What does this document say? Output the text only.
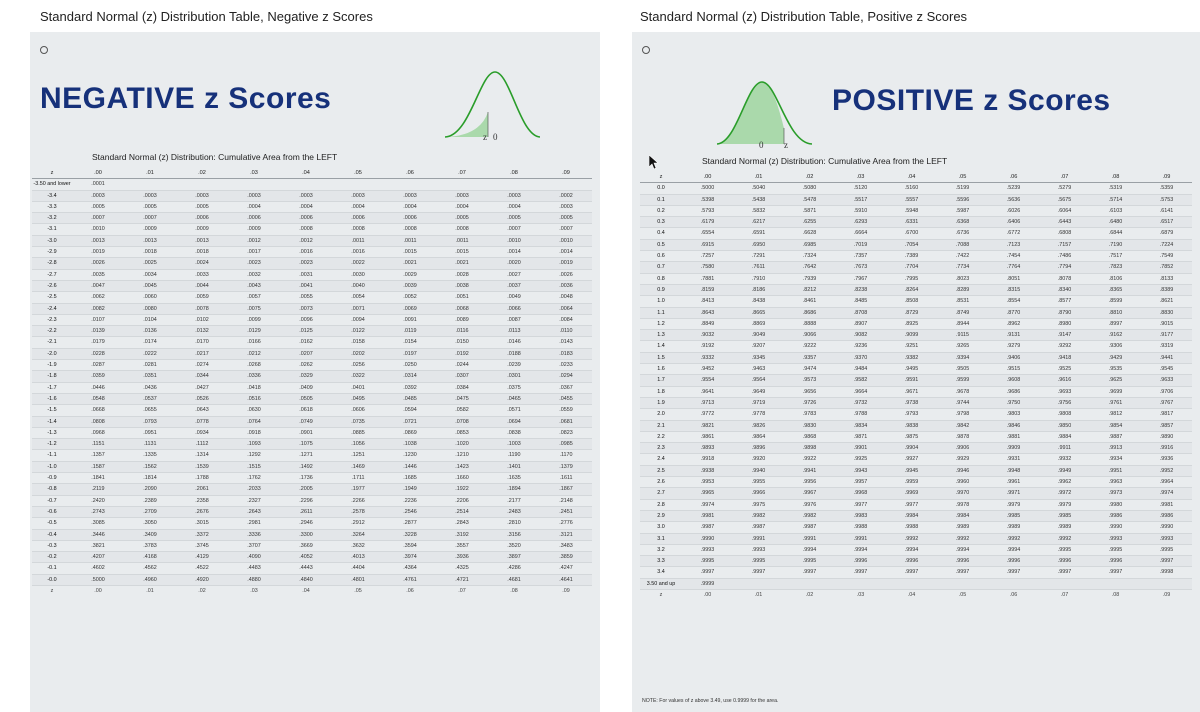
Standard Normal (z) Distribution Table, Negative z Scores
NEGATIVE z Scores
z 0
Standard Normal (z) Distribution: Cumulative Area from the LEFT
z	.00	.01	.02	.03	.04	.05	.06	.07	.08	.09
-3.50 and lower	.0001									
-3.4	.0003	.0003	.0003	.0003	.0003	.0003	.0003	.0003	.0003	.0002
-3.3	.0005	.0005	.0005	.0004	.0004	.0004	.0004	.0004	.0004	.0003
-3.2	.0007	.0007	.0006	.0006	.0006	.0006	.0006	.0005	.0005	.0005
-3.1	.0010	.0009	.0009	.0009	.0008	.0008	.0008	.0008	.0007	.0007
-3.0	.0013	.0013	.0013	.0012	.0012	.0011	.0011	.0011	.0010	.0010
-2.9	.0019	.0018	.0018	.0017	.0016	.0016	.0015	.0015	.0014	.0014
-2.8	.0026	.0025	.0024	.0023	.0023	.0022	.0021	.0021	.0020	.0019
-2.7	.0035	.0034	.0033	.0032	.0031	.0030	.0029	.0028	.0027	.0026
-2.6	.0047	.0045	.0044	.0043	.0041	.0040	.0039	.0038	.0037	.0036
-2.5	.0062	.0060	.0059	.0057	.0055	.0054	.0052	.0051	.0049	.0048
-2.4	.0082	.0080	.0078	.0075	.0073	.0071	.0069	.0068	.0066	.0064
-2.3	.0107	.0104	.0102	.0099	.0096	.0094	.0091	.0089	.0087	.0084
-2.2	.0139	.0136	.0132	.0129	.0125	.0122	.0119	.0116	.0113	.0110
-2.1	.0179	.0174	.0170	.0166	.0162	.0158	.0154	.0150	.0146	.0143
-2.0	.0228	.0222	.0217	.0212	.0207	.0202	.0197	.0192	.0188	.0183
-1.9	.0287	.0281	.0274	.0268	.0262	.0256	.0250	.0244	.0239	.0233
-1.8	.0359	.0351	.0344	.0336	.0329	.0322	.0314	.0307	.0301	.0294
-1.7	.0446	.0436	.0427	.0418	.0409	.0401	.0392	.0384	.0375	.0367
-1.6	.0548	.0537	.0526	.0516	.0505	.0495	.0485	.0475	.0465	.0455
-1.5	.0668	.0655	.0643	.0630	.0618	.0606	.0594	.0582	.0571	.0559
-1.4	.0808	.0793	.0778	.0764	.0749	.0735	.0721	.0708	.0694	.0681
-1.3	.0968	.0951	.0934	.0918	.0901	.0885	.0869	.0853	.0838	.0823
-1.2	.1151	.1131	.1112	.1093	.1075	.1056	.1038	.1020	.1003	.0985
-1.1	.1357	.1335	.1314	.1292	.1271	.1251	.1230	.1210	.1190	.1170
-1.0	.1587	.1562	.1539	.1515	.1492	.1469	.1446	.1423	.1401	.1379
-0.9	.1841	.1814	.1788	.1762	.1736	.1711	.1685	.1660	.1635	.1611
-0.8	.2119	.2090	.2061	.2033	.2005	.1977	.1949	.1922	.1894	.1867
-0.7	.2420	.2389	.2358	.2327	.2296	.2266	.2236	.2206	.2177	.2148
-0.6	.2743	.2709	.2676	.2643	.2611	.2578	.2546	.2514	.2483	.2451
-0.5	.3085	.3050	.3015	.2981	.2946	.2912	.2877	.2843	.2810	.2776
-0.4	.3446	.3409	.3372	.3336	.3300	.3264	.3228	.3192	.3156	.3121
-0.3	.3821	.3783	.3745	.3707	.3669	.3632	.3594	.3557	.3520	.3483
-0.2	.4207	.4168	.4129	.4090	.4052	.4013	.3974	.3936	.3897	.3859
-0.1	.4602	.4562	.4522	.4483	.4443	.4404	.4364	.4325	.4286	.4247
-0.0	.5000	.4960	.4920	.4880	.4840	.4801	.4761	.4721	.4681	.4641
z	.00	.01	.02	.03	.04	.05	.06	.07	.08	.09
Standard Normal (z) Distribution Table, Positive z Scores
0 z
POSITIVE z Scores
Standard Normal (z) Distribution: Cumulative Area from the LEFT
z	.00	.01	.02	.03	.04	.05	.06	.07	.08	.09
0.0	.5000	.5040	.5080	.5120	.5160	.5199	.5239	.5279	.5319	.5359
0.1	.5398	.5438	.5478	.5517	.5557	.5596	.5636	.5675	.5714	.5753
0.2	.5793	.5832	.5871	.5910	.5948	.5987	.6026	.6064	.6103	.6141
0.3	.6179	.6217	.6255	.6293	.6331	.6368	.6406	.6443	.6480	.6517
0.4	.6554	.6591	.6628	.6664	.6700	.6736	.6772	.6808	.6844	.6879
0.5	.6915	.6950	.6985	.7019	.7054	.7088	.7123	.7157	.7190	.7224
0.6	.7257	.7291	.7324	.7357	.7389	.7422	.7454	.7486	.7517	.7549
0.7	.7580	.7611	.7642	.7673	.7704	.7734	.7764	.7794	.7823	.7852
0.8	.7881	.7910	.7939	.7967	.7995	.8023	.8051	.8078	.8106	.8133
0.9	.8159	.8186	.8212	.8238	.8264	.8289	.8315	.8340	.8365	.8389
1.0	.8413	.8438	.8461	.8485	.8508	.8531	.8554	.8577	.8599	.8621
1.1	.8643	.8665	.8686	.8708	.8729	.8749	.8770	.8790	.8810	.8830
1.2	.8849	.8869	.8888	.8907	.8925	.8944	.8962	.8980	.8997	.9015
1.3	.9032	.9049	.9066	.9082	.9099	.9115	.9131	.9147	.9162	.9177
1.4	.9192	.9207	.9222	.9236	.9251	.9265	.9279	.9292	.9306	.9319
1.5	.9332	.9345	.9357	.9370	.9382	.9394	.9406	.9418	.9429	.9441
1.6	.9452	.9463	.9474	.9484	.9495	.9505	.9515	.9525	.9535	.9545
1.7	.9554	.9564	.9573	.9582	.9591	.9599	.9608	.9616	.9625	.9633
1.8	.9641	.9649	.9656	.9664	.9671	.9678	.9686	.9693	.9699	.9706
1.9	.9713	.9719	.9726	.9732	.9738	.9744	.9750	.9756	.9761	.9767
2.0	.9772	.9778	.9783	.9788	.9793	.9798	.9803	.9808	.9812	.9817
2.1	.9821	.9826	.9830	.9834	.9838	.9842	.9846	.9850	.9854	.9857
2.2	.9861	.9864	.9868	.9871	.9875	.9878	.9881	.9884	.9887	.9890
2.3	.9893	.9896	.9898	.9901	.9904	.9906	.9909	.9911	.9913	.9916
2.4	.9918	.9920	.9922	.9925	.9927	.9929	.9931	.9932	.9934	.9936
2.5	.9938	.9940	.9941	.9943	.9945	.9946	.9948	.9949	.9951	.9952
2.6	.9953	.9955	.9956	.9957	.9959	.9960	.9961	.9962	.9963	.9964
2.7	.9965	.9966	.9967	.9968	.9969	.9970	.9971	.9972	.9973	.9974
2.8	.9974	.9975	.9976	.9977	.9977	.9978	.9979	.9979	.9980	.9981
2.9	.9981	.9982	.9982	.9983	.9984	.9984	.9985	.9985	.9986	.9986
3.0	.9987	.9987	.9987	.9988	.9988	.9989	.9989	.9989	.9990	.9990
3.1	.9990	.9991	.9991	.9991	.9992	.9992	.9992	.9992	.9993	.9993
3.2	.9993	.9993	.9994	.9994	.9994	.9994	.9994	.9995	.9995	.9995
3.3	.9995	.9995	.9995	.9996	.9996	.9996	.9996	.9996	.9996	.9997
3.4	.9997	.9997	.9997	.9997	.9997	.9997	.9997	.9997	.9997	.9998
3.50 and up	.9999									
z	.00	.01	.02	.03	.04	.05	.06	.07	.08	.09
NOTE: For values of z above 3.49, use 0.9999 for the area.
